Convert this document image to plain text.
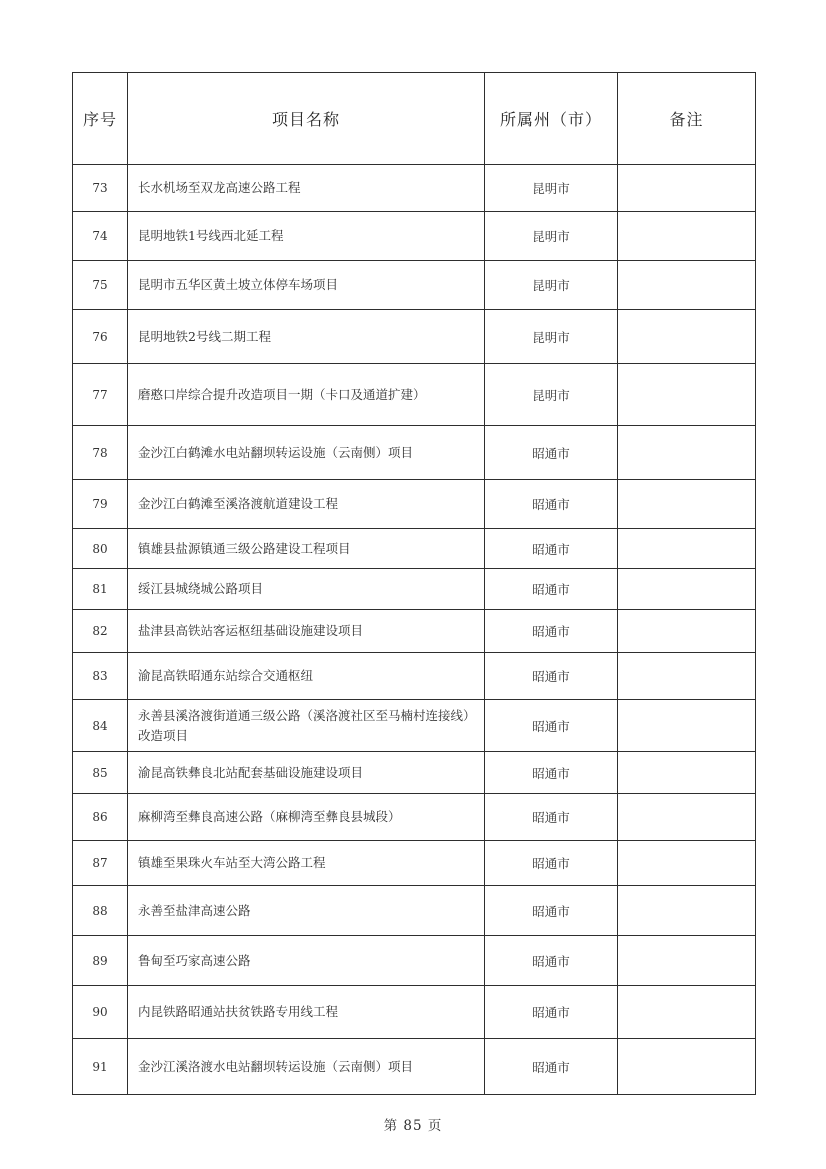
序号	项目名称	所属州（市）	备注
73	长水机场至双龙高速公路工程	昆明市	
74	昆明地铁1号线西北延工程	昆明市	
75	昆明市五华区黄土坡立体停车场项目	昆明市	
76	昆明地铁2号线二期工程	昆明市	
77	磨憨口岸综合提升改造项目一期（卡口及通道扩建）	昆明市	
78	金沙江白鹤滩水电站翻坝转运设施（云南侧）项目	昭通市	
79	金沙江白鹤滩至溪洛渡航道建设工程	昭通市	
80	镇雄县盐源镇通三级公路建设工程项目	昭通市	
81	绥江县城绕城公路项目	昭通市	
82	盐津县高铁站客运枢纽基础设施建设项目	昭通市	
83	渝昆高铁昭通东站综合交通枢纽	昭通市	
84	永善县溪洛渡街道通三级公路（溪洛渡社区至马楠村连接线）改造项目	昭通市	
85	渝昆高铁彝良北站配套基础设施建设项目	昭通市	
86	麻柳湾至彝良高速公路（麻柳湾至彝良县城段）	昭通市	
87	镇雄至果珠火车站至大湾公路工程	昭通市	
88	永善至盐津高速公路	昭通市	
89	鲁甸至巧家高速公路	昭通市	
90	内昆铁路昭通站扶贫铁路专用线工程	昭通市	
91	金沙江溪洛渡水电站翻坝转运设施（云南侧）项目	昭通市	
第 85 页
